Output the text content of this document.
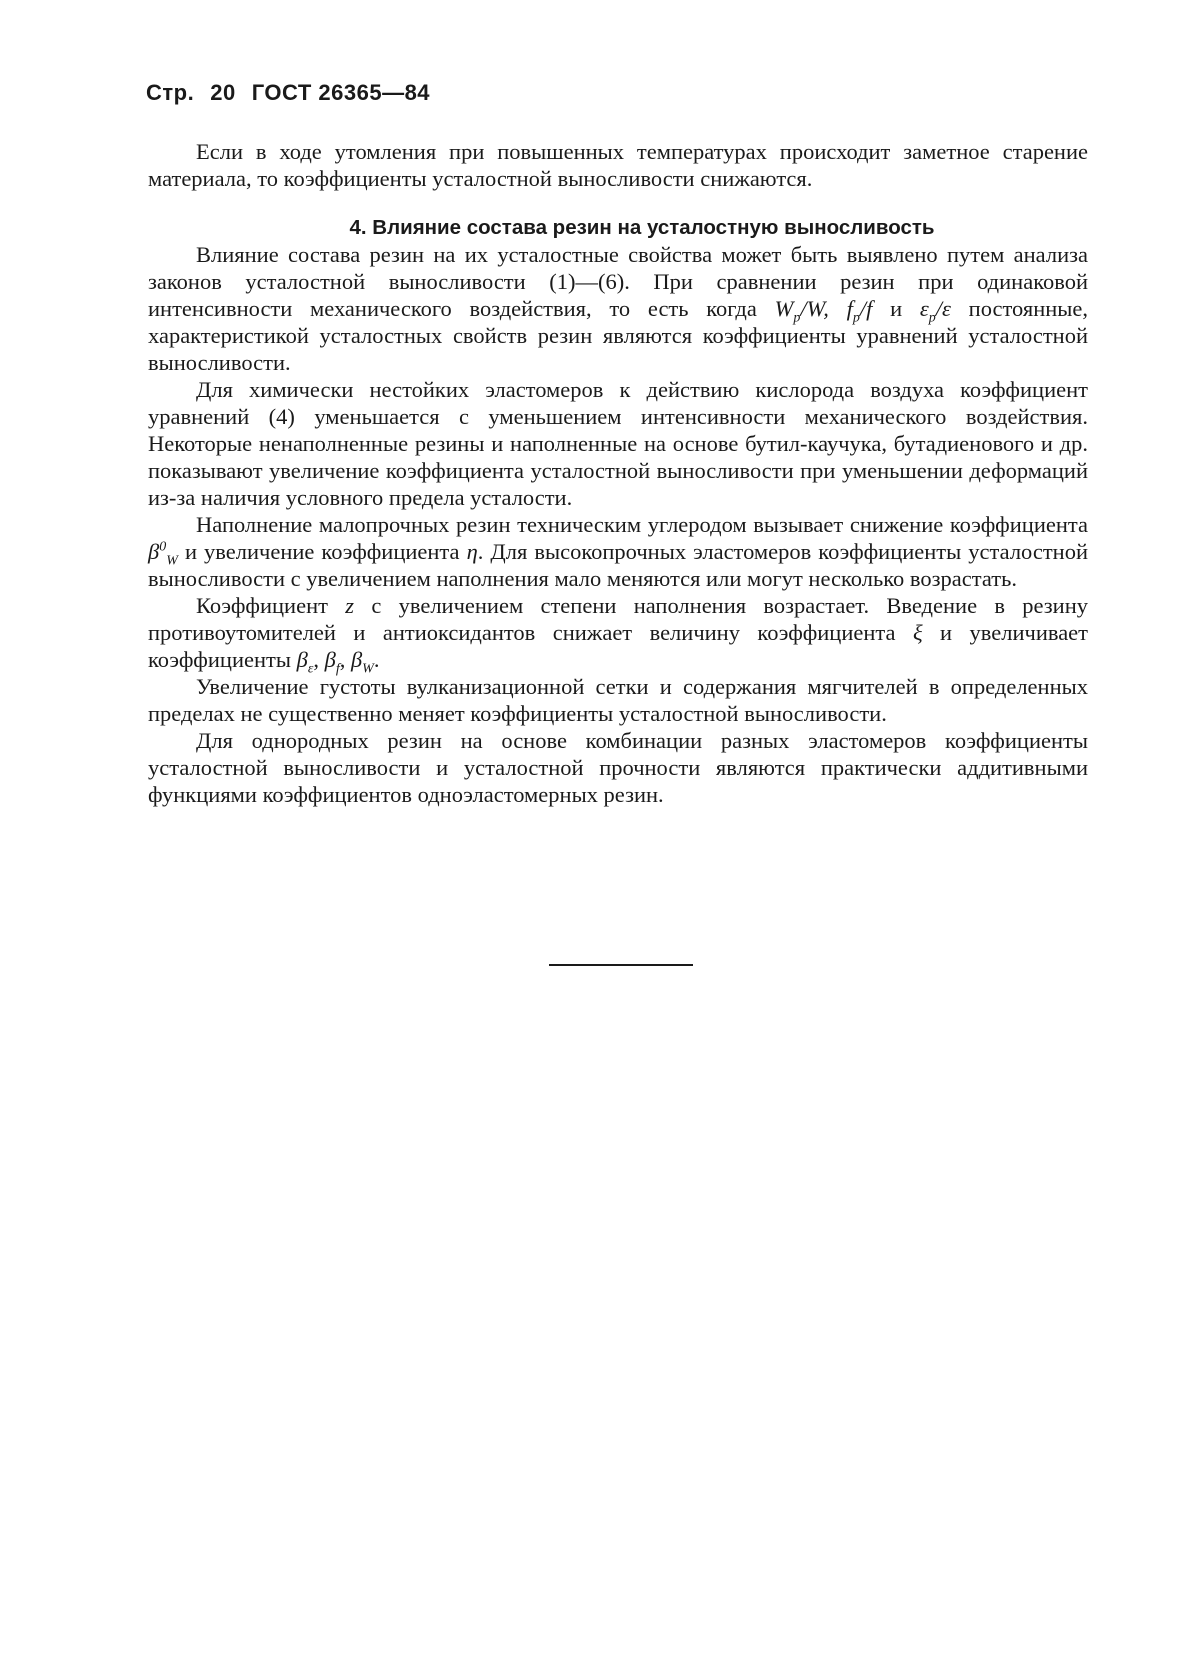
Стр. 20 ГОСТ 26365—84

Если в ходе утомления при повышенных температурах происходит заметное старение материала, то коэффициенты усталостной выносливости снижаются.

4. Влияние состава резин на усталостную выносливость

Влияние состава резин на их усталостные свойства может быть выявлено путем анализа законов усталостной выносливости (1)—(6). При сравнении резин при одинаковой интенсивности механического воздействия, то есть когда $W_p/W$, $f_p/f$ и $\varepsilon_p/\varepsilon$ постоянные, характеристикой усталостных свойств резин являются коэффициенты уравнений усталостной выносливости.

Для химически нестойких эластомеров к действию кислорода воздуха коэффициент уравнений (4) уменьшается с уменьшением интенсивности механического воздействия. Некоторые ненаполненные резины и наполненные на основе бутил-каучука, бутадиенового и др. показывают увеличение коэффициента усталостной выносливости при уменьшении деформаций из-за наличия условного предела усталости.

Наполнение малопрочных резин техническим углеродом вызывает снижение коэффициента $\beta^0_W$ и увеличение коэффициента η. Для высокопрочных эластомеров коэффициенты усталостной выносливости с увеличением наполнения мало меняются или могут несколько возрастать.

Коэффициент z с увеличением степени наполнения возрастает. Введение в резину противоутомителей и антиоксидантов снижает величину коэффициента ξ и увеличивает коэффициенты $\beta_\varepsilon$, $\beta_f$, $\beta_W$.

Увеличение густоты вулканизационной сетки и содержания мягчителей в определенных пределах не существенно меняет коэффициенты усталостной выносливости.

Для однородных резин на основе комбинации разных эластомеров коэффициенты усталостной выносливости и усталостной прочности являются практически аддитивными функциями коэффициентов одноэластомерных резин.
